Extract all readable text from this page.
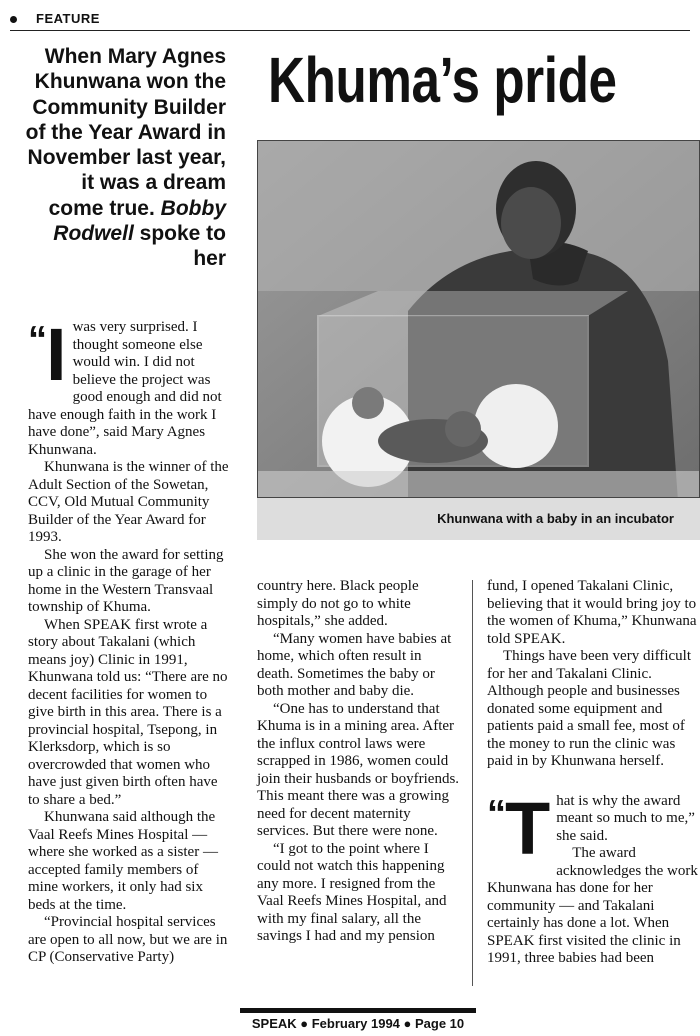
FEATURE
When Mary Agnes Khunwana won the Community Builder of the Year Award in November last year, it was a dream come true. Bobby Rodwell spoke to her
Khuma’s pride
Khunwana with a baby in an incubator

“I was very surprised. I thought someone else would win. I did not believe the project was good enough and did not have enough faith in the work I have done”, said Mary Agnes Khunwana.

Khunwana is the winner of the Adult Section of the Sowetan, CCV, Old Mutual Community Builder of the Year Award for 1993.

She won the award for setting up a clinic in the garage of her home in the Western Transvaal township of Khuma.

When SPEAK first wrote a story about Takalani (which means joy) Clinic in 1991, Khunwana told us: “There are no decent facilities for women to give birth in this area. There is a provincial hospital, Tsepong, in Klerksdorp, which is so overcrowded that women who have just given birth often have to share a bed.”

Khunwana said although the Vaal Reefs Mines Hospital — where she worked as a sister — accepted family members of mine workers, it only had six beds at the time.

“Provincial hospital services are open to all now, but we are in CP (Conservative Party)

country here. Black people simply do not go to white hospitals,” she added.

“Many women have babies at home, which often result in death. Sometimes the baby or both mother and baby die.

“One has to understand that Khuma is in a mining area. After the influx control laws were scrapped in 1986, women could join their husbands or boyfriends. This meant there was a growing need for decent maternity services. But there were none.

“I got to the point where I could not watch this happening any more. I resigned from the Vaal Reefs Mines Hospital, and with my final salary, all the savings I had and my pension

fund, I opened Takalani Clinic, believing that it would bring joy to the women of Khuma,” Khunwana told SPEAK.

Things have been very difficult for her and Takalani Clinic. Although people and businesses donated some equipment and patients paid a small fee, most of the money to run the clinic was paid in by Khunwana herself.

“T hat is why the award meant so much to me,” she said.

The award acknowledges the work Khunwana has done for her community — and Takalani certainly has done a lot. When SPEAK first visited the clinic in 1991, three babies had been

SPEAK ● February 1994 ● Page 10
